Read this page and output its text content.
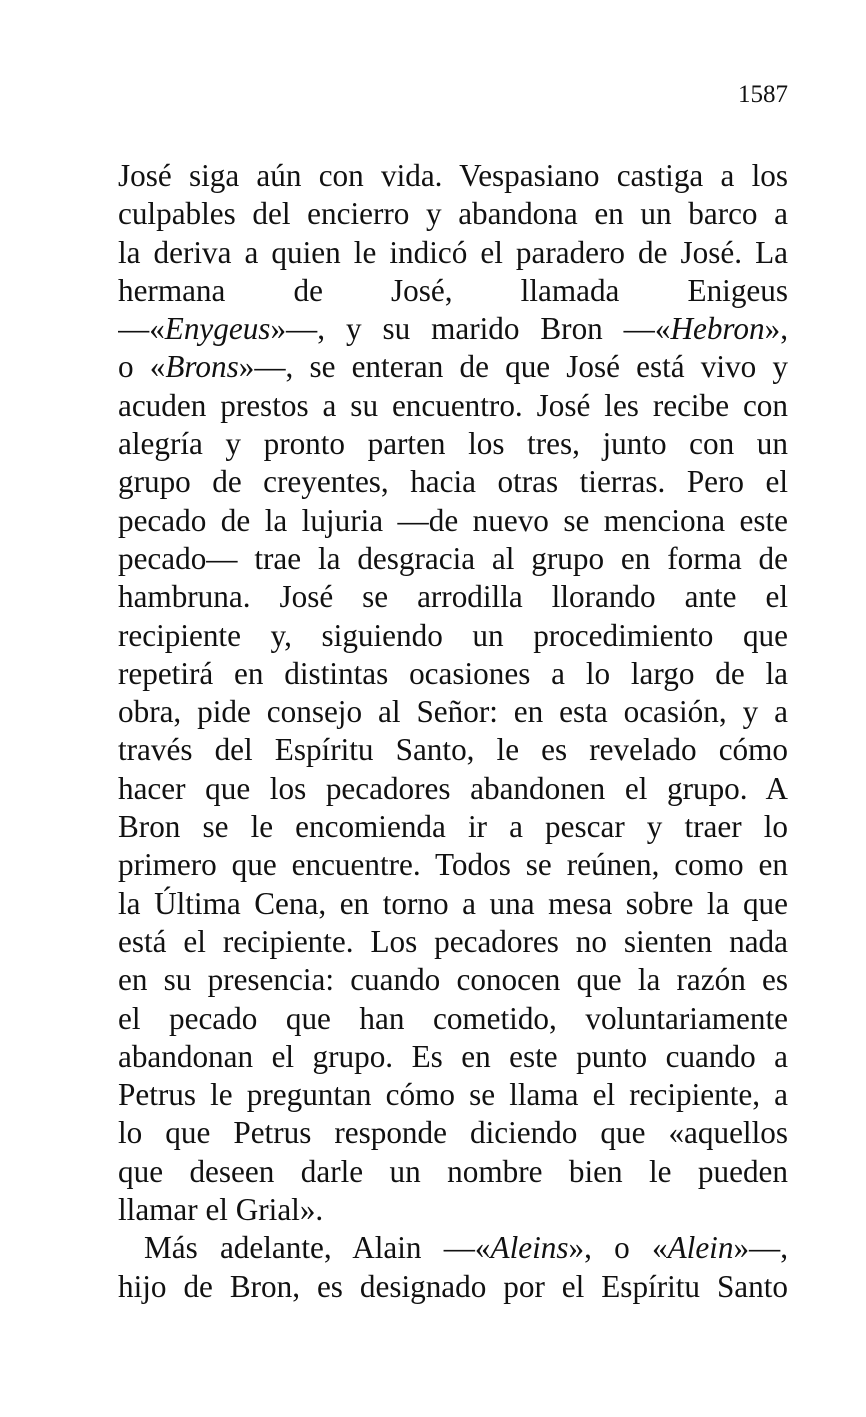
1587
José siga aún con vida. Vespasiano castiga a los
culpables del encierro y abandona en un barco a
la deriva a quien le indicó el paradero de José. La
hermana de José, llamada Enigeus
—«Enygeus»—, y su marido Bron —«Hebron»,
o «Brons»—, se enteran de que José está vivo y
acuden prestos a su encuentro. José les recibe con
alegría y pronto parten los tres, junto con un
grupo de creyentes, hacia otras tierras. Pero el
pecado de la lujuria —de nuevo se menciona este
pecado— trae la desgracia al grupo en forma de
hambruna. José se arrodilla llorando ante el
recipiente y, siguiendo un procedimiento que
repetirá en distintas ocasiones a lo largo de la
obra, pide consejo al Señor: en esta ocasión, y a
través del Espíritu Santo, le es revelado cómo
hacer que los pecadores abandonen el grupo. A
Bron se le encomienda ir a pescar y traer lo
primero que encuentre. Todos se reúnen, como en
la Última Cena, en torno a una mesa sobre la que
está el recipiente. Los pecadores no sienten nada
en su presencia: cuando conocen que la razón es
el pecado que han cometido, voluntariamente
abandonan el grupo. Es en este punto cuando a
Petrus le preguntan cómo se llama el recipiente, a
lo que Petrus responde diciendo que «aquellos
que deseen darle un nombre bien le pueden
llamar el Grial».
Más adelante, Alain —«Aleins», o «Alein»—,
hijo de Bron, es designado por el Espíritu Santo
